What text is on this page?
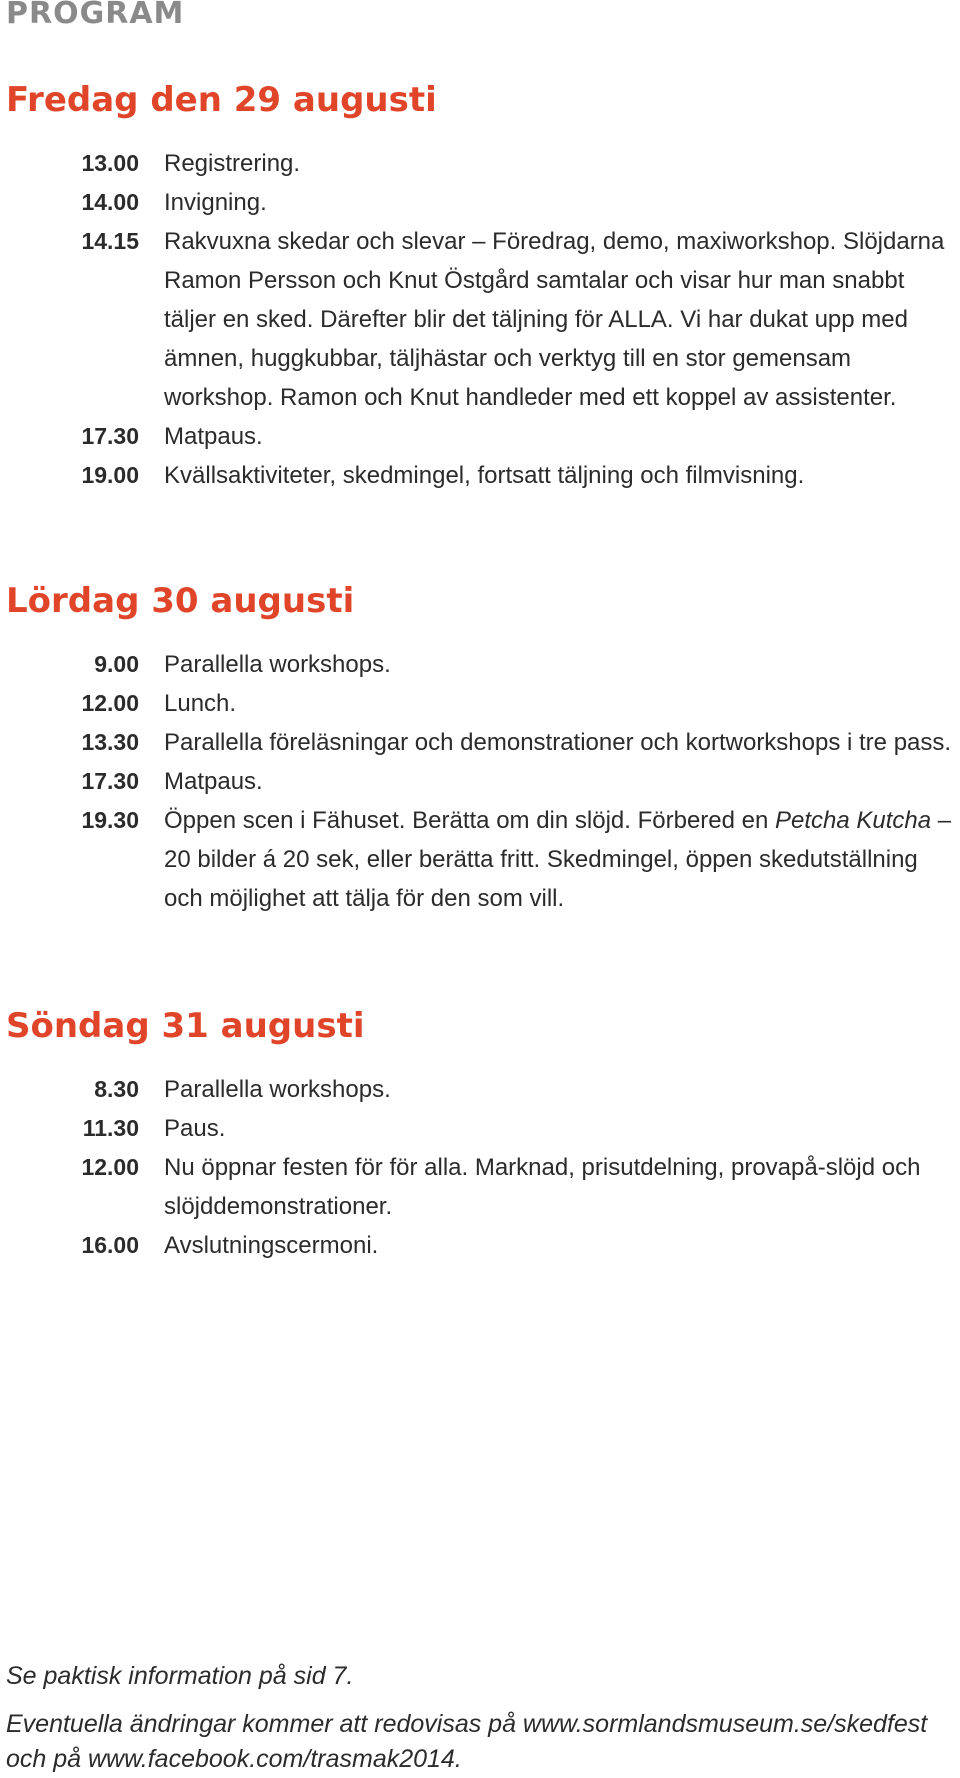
PROGRAM
Fredag den 29 augusti
13.00 Registrering.
14.00 Invigning.
14.15 Rakvuxna skedar och slevar – Föredrag, demo, maxiworkshop. Slöjdarna Ramon Persson och Knut Östgård samtalar och visar hur man snabbt täljer en sked. Därefter blir det täljning för ALLA. Vi har dukat upp med ämnen, huggkubbar, täljhästar och verktyg till en stor gemensam workshop. Ramon och Knut handleder med ett koppel av assistenter.
17.30 Matpaus.
19.00 Kvällsaktiviteter, skedmingel, fortsatt täljning och filmvisning.
Lördag 30 augusti
9.00 Parallella workshops.
12.00 Lunch.
13.30 Parallella föreläsningar och demonstrationer och kortworkshops i tre pass.
17.30 Matpaus.
19.30 Öppen scen i Fähuset. Berätta om din slöjd. Förbered en Petcha Kutcha – 20 bilder á 20 sek, eller berätta fritt. Skedmingel, öppen skedutställning och möjlighet att tälja för den som vill.
Söndag 31 augusti
8.30 Parallella workshops.
11.30 Paus.
12.00 Nu öppnar festen för för alla. Marknad, prisutdelning, provapå-slöjd och slöjddemonstrationer.
16.00 Avslutningscermoni.

Se paktisk information på sid 7.

Eventuella ändringar kommer att redovisas på www.sormlandsmuseum.se/skedfest
och på www.facebook.com/trasmak2014.
